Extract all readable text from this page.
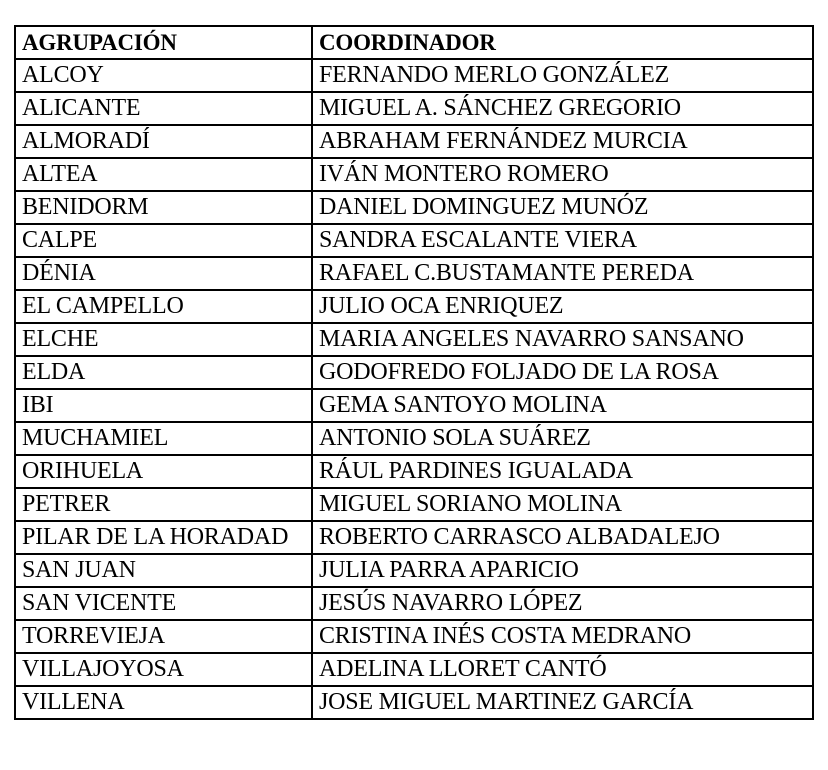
AGRUPACIÓN	COORDINADOR
ALCOY	FERNANDO MERLO GONZÁLEZ
ALICANTE	MIGUEL A. SÁNCHEZ GREGORIO
ALMORADÍ	ABRAHAM FERNÁNDEZ MURCIA
ALTEA	IVÁN MONTERO ROMERO
BENIDORM	DANIEL DOMINGUEZ MUNÓZ
CALPE	SANDRA ESCALANTE VIERA
DÉNIA	RAFAEL C.BUSTAMANTE PEREDA
EL CAMPELLO	JULIO OCA ENRIQUEZ
ELCHE	MARIA ANGELES NAVARRO SANSANO
ELDA	GODOFREDO FOLJADO DE LA ROSA
IBI	GEMA SANTOYO MOLINA
MUCHAMIEL	ANTONIO SOLA SUÁREZ
ORIHUELA	RÁUL PARDINES IGUALADA
PETRER	MIGUEL SORIANO MOLINA
PILAR DE LA HORADAD	ROBERTO CARRASCO ALBADALEJO
SAN JUAN	JULIA PARRA APARICIO
SAN VICENTE	JESÚS NAVARRO LÓPEZ
TORREVIEJA	CRISTINA INÉS COSTA MEDRANO
VILLAJOYOSA	ADELINA LLORET CANTÓ
VILLENA	JOSE MIGUEL MARTINEZ GARCÍA
